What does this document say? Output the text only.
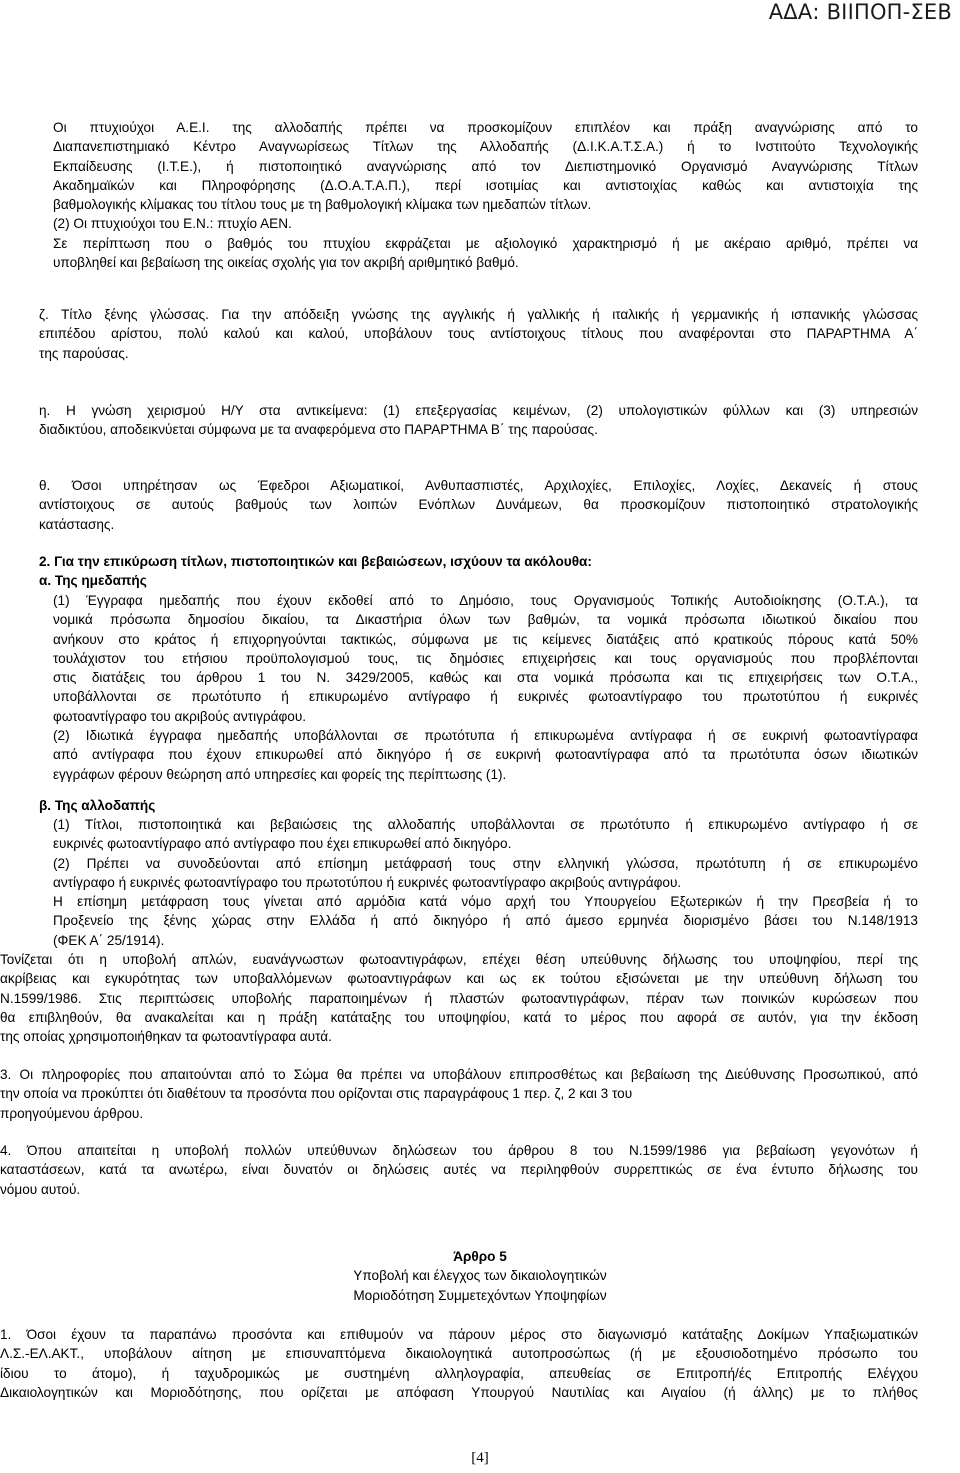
ΑΔΑ: ΒΙΙΠΟΠ-ΣΕΒ
Οι πτυχιούχοι Α.Ε.Ι. της αλλοδαπής πρέπει να προσκομίζουν επιπλέον και πράξη αναγνώρισης από το
Διαπανεπιστημιακό Κέντρο Αναγνωρίσεως Τίτλων της Αλλοδαπής (Δ.Ι.Κ.Α.Τ.Σ.Α.) ή το Ινστιτούτο Τεχνολογικής
Εκπαίδευσης (Ι.Τ.Ε.), ή πιστοποιητικό αναγνώρισης από τον Διεπιστημονικό Οργανισμό Αναγνώρισης Τίτλων
Ακαδημαϊκών και Πληροφόρησης (Δ.Ο.Α.Τ.Α.Π.), περί ισοτιμίας και αντιστοιχίας καθώς και αντιστοιχία της
βαθμολογικής κλίμακας του τίτλου τους με τη βαθμολογική κλίμακα των ημεδαπών τίτλων.
(2) Οι πτυχιούχοι του Ε.Ν.: πτυχίο ΑΕΝ.
Σε περίπτωση που ο βαθμός του πτυχίου εκφράζεται με αξιολογικό χαρακτηρισμό ή με ακέραιο αριθμό, πρέπει να
υποβληθεί και βεβαίωση της οικείας σχολής για τον ακριβή αριθμητικό βαθμό.
ζ. Τίτλο ξένης γλώσσας. Για την απόδειξη γνώσης της αγγλικής ή γαλλικής ή ιταλικής ή γερμανικής ή ισπανικής γλώσσας
επιπέδου αρίστου, πολύ καλού και καλού, υποβάλουν τους αντίστοιχους τίτλους που αναφέρονται στο ΠΑΡΑΡΤΗΜΑ Α΄
της παρούσας.
η. Η γνώση χειρισμού Η/Υ στα αντικείμενα: (1) επεξεργασίας κειμένων, (2) υπολογιστικών φύλλων και (3) υπηρεσιών
διαδικτύου, αποδεικνύεται σύμφωνα με τα αναφερόμενα στο ΠΑΡΑΡΤΗΜΑ Β΄ της παρούσας.
θ. Όσοι υπηρέτησαν ως Έφεδροι Αξιωματικοί, Ανθυπασπιστές, Αρχιλοχίες, Επιλοχίες, Λοχίες, Δεκανείς ή στους
αντίστοιχους σε αυτούς βαθμούς των λοιπών Ενόπλων Δυνάμεων, θα προσκομίζουν πιστοποιητικό στρατολογικής
κατάστασης.
2. Για την επικύρωση τίτλων, πιστοποιητικών και βεβαιώσεων, ισχύουν τα ακόλουθα:
α. Της ημεδαπής
(1) Έγγραφα ημεδαπής που έχουν εκδοθεί από το Δημόσιο, τους Οργανισμούς Τοπικής Αυτοδιοίκησης (Ο.Τ.Α.), τα
νομικά πρόσωπα δημοσίου δικαίου, τα Δικαστήρια όλων των βαθμών, τα νομικά πρόσωπα ιδιωτικού δικαίου που
ανήκουν στο κράτος ή επιχορηγούνται τακτικώς, σύμφωνα με τις κείμενες διατάξεις από κρατικούς πόρους κατά 50%
τουλάχιστον του ετήσιου προϋπολογισμού τους, τις δημόσιες επιχειρήσεις και τους οργανισμούς που προβλέπονται
στις διατάξεις του άρθρου 1 του Ν. 3429/2005, καθώς και στα νομικά πρόσωπα και τις επιχειρήσεις των Ο.Τ.Α.,
υποβάλλονται σε πρωτότυπο ή επικυρωμένο αντίγραφο ή ευκρινές φωτοαντίγραφο του πρωτοτύπου ή ευκρινές
φωτοαντίγραφο του ακριβούς αντιγράφου.
(2) Ιδιωτικά έγγραφα ημεδαπής υποβάλλονται σε πρωτότυπα ή επικυρωμένα αντίγραφα ή σε ευκρινή φωτοαντίγραφα
από αντίγραφα που έχουν επικυρωθεί από δικηγόρο ή σε ευκρινή φωτοαντίγραφα από τα πρωτότυπα όσων ιδιωτικών
εγγράφων φέρουν θεώρηση από υπηρεσίες και φορείς της περίπτωσης (1).
β. Της αλλοδαπής
(1) Τίτλοι, πιστοποιητικά και βεβαιώσεις της αλλοδαπής υποβάλλονται σε πρωτότυπο ή επικυρωμένο αντίγραφο ή σε
ευκρινές φωτοαντίγραφο από αντίγραφο που έχει επικυρωθεί από δικηγόρο.
(2) Πρέπει να συνοδεύονται από επίσημη μετάφρασή τους στην ελληνική γλώσσα, πρωτότυπη ή σε επικυρωμένο
αντίγραφο ή ευκρινές φωτοαντίγραφο του πρωτοτύπου ή ευκρινές φωτοαντίγραφο ακριβούς αντιγράφου.
Η επίσημη μετάφραση τους γίνεται από αρμόδια κατά νόμο αρχή του Υπουργείου Εξωτερικών ή την Πρεσβεία ή το
Προξενείο της ξένης χώρας στην Ελλάδα ή από δικηγόρο ή από άμεσο ερμηνέα διορισμένο βάσει του Ν.148/1913
(ΦΕΚ Α΄ 25/1914).
Τονίζεται ότι η υποβολή απλών, ευανάγνωστων φωτοαντιγράφων, επέχει θέση υπεύθυνης δήλωσης του υποψηφίου, περί της
ακρίβειας και εγκυρότητας των υποβαλλόμενων φωτοαντιγράφων και ως εκ τούτου εξισώνεται με την υπεύθυνη δήλωση του
Ν.1599/1986. Στις περιπτώσεις υποβολής παραποιημένων ή πλαστών φωτοαντιγράφων, πέραν των ποινικών κυρώσεων που
θα επιβληθούν, θα ανακαλείται και η πράξη κατάταξης του υποψηφίου, κατά το μέρος που αφορά σε αυτόν, για την έκδοση
της οποίας χρησιμοποιήθηκαν τα φωτοαντίγραφα αυτά.
3. Οι πληροφορίες που απαιτούνται από το Σώμα θα πρέπει να υποβάλουν επιπροσθέτως και βεβαίωση της Διεύθυνσης Προσωπικού, από
την οποία να προκύπτει ότι διαθέτουν τα προσόντα που ορίζονται στις παραγράφους 1 περ. ζ, 2 και 3 του
προηγούμενου άρθρου.
4. Όπου απαιτείται η υποβολή πολλών υπεύθυνων δηλώσεων του άρθρου 8 του Ν.1599/1986 για βεβαίωση γεγονότων ή
καταστάσεων, κατά τα ανωτέρω, είναι δυνατόν οι δηλώσεις αυτές να περιληφθούν συρρεπτικώς σε ένα έντυπο δήλωσης του
νόμου αυτού.
Άρθρο 5
Υποβολή και έλεγχος των δικαιολογητικών
Μοριοδότηση Συμμετεχόντων Υποψηφίων
1. Όσοι έχουν τα παραπάνω προσόντα και επιθυμούν να πάρουν μέρος στο διαγωνισμό κατάταξης Δοκίμων Υπαξιωματικών
Λ.Σ.-ΕΛ.ΑΚΤ., υποβάλουν αίτηση με επισυναπτόμενα δικαιολογητικά αυτοπροσώπως (ή με εξουσιοδοτημένο πρόσωπο του
ίδιου το άτομο), ή ταχυδρομικώς με συστημένη αλληλογραφία, απευθείας σε Επιτροπή/ές Επιτροπής Ελέγχου
Δικαιολογητικών και Μοριοδότησης, που ορίζεται με απόφαση Υπουργού Ναυτιλίας και Αιγαίου (ή άλλης) με το πλήθος
[4]
